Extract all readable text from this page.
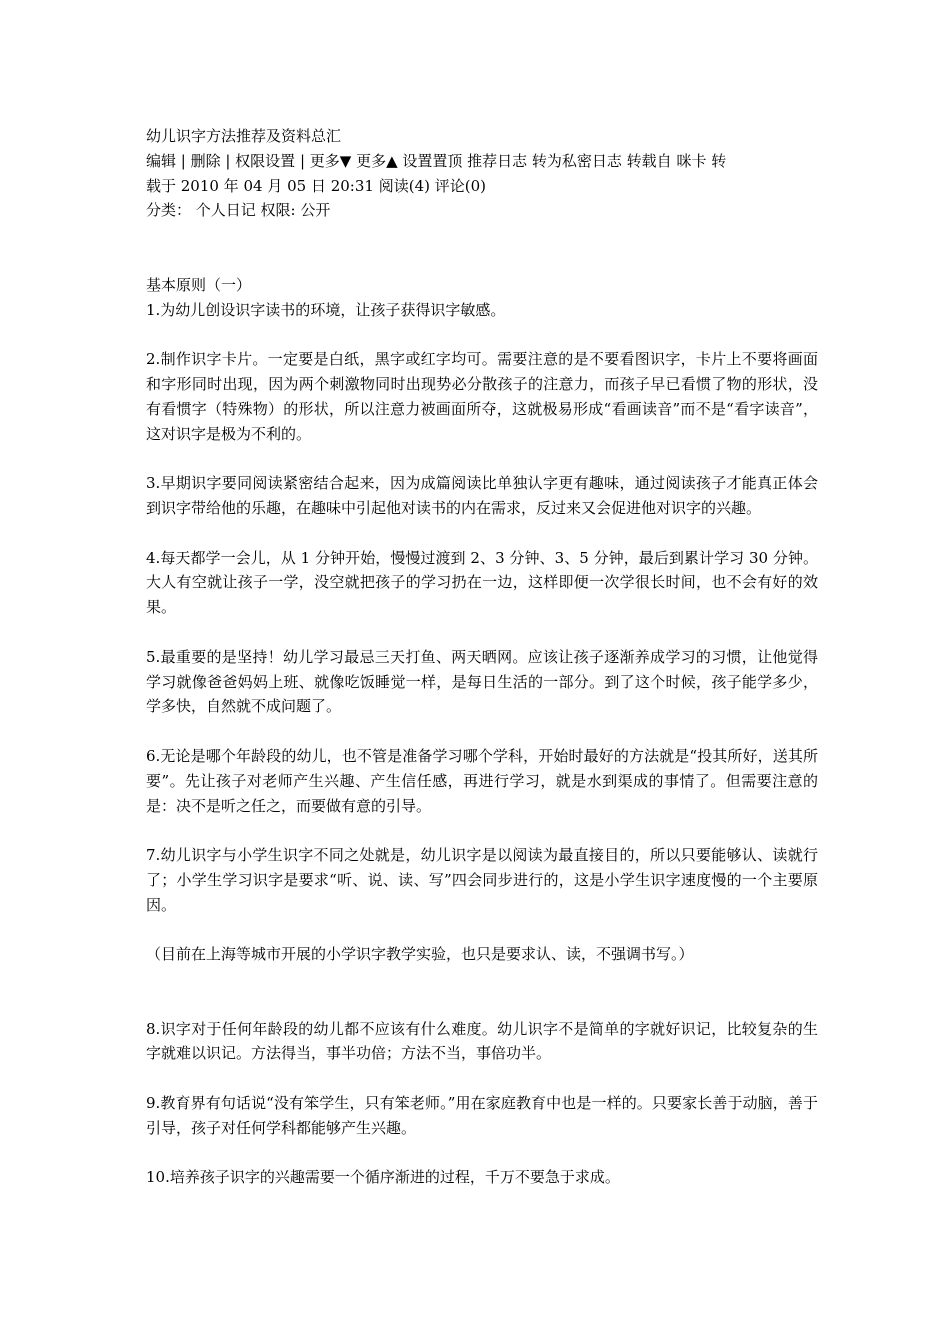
幼儿识字方法推荐及资料总汇
编辑 | 删除 | 权限设置 | 更多▼ 更多▲ 设置置顶 推荐日志 转为私密日志 转载自 咪卡 转
载于 2010 年 04 月 05 日 20:31 阅读(4) 评论(0)
分类： 个人日记 权限: 公开
基本原则（一）
1.为幼儿创设识字读书的环境，让孩子获得识字敏感。
2.制作识字卡片。一定要是白纸，黑字或红字均可。需要注意的是不要看图识字，卡片上不要将画面和字形同时出现，因为两个刺激物同时出现势必分散孩子的注意力，而孩子早已看惯了物的形状，没有看惯字（特殊物）的形状，所以注意力被画面所夺，这就极易形成“看画读音”而不是“看字读音”，这对识字是极为不利的。
3.早期识字要同阅读紧密结合起来，因为成篇阅读比单独认字更有趣味，通过阅读孩子才能真正体会到识字带给他的乐趣，在趣味中引起他对读书的内在需求，反过来又会促进他对识字的兴趣。
4.每天都学一会儿，从 1 分钟开始，慢慢过渡到 2、3 分钟、3、5 分钟，最后到累计学习 30 分钟。大人有空就让孩子一学，没空就把孩子的学习扔在一边，这样即便一次学很长时间，也不会有好的效果。
5.最重要的是坚持！幼儿学习最忌三天打鱼、两天晒网。应该让孩子逐渐养成学习的习惯，让他觉得学习就像爸爸妈妈上班、就像吃饭睡觉一样，是每日生活的一部分。到了这个时候，孩子能学多少，学多快，自然就不成问题了。
6.无论是哪个年龄段的幼儿，也不管是准备学习哪个学科，开始时最好的方法就是“投其所好，送其所要”。先让孩子对老师产生兴趣、产生信任感，再进行学习，就是水到渠成的事情了。但需要注意的是：决不是听之任之，而要做有意的引导。
7.幼儿识字与小学生识字不同之处就是，幼儿识字是以阅读为最直接目的，所以只要能够认、读就行了；小学生学习识字是要求“听、说、读、写”四会同步进行的，这是小学生识字速度慢的一个主要原因。
（目前在上海等城市开展的小学识字教学实验，也只是要求认、读，不强调书写。）
8.识字对于任何年龄段的幼儿都不应该有什么难度。幼儿识字不是简单的字就好识记，比较复杂的生字就难以识记。方法得当，事半功倍；方法不当，事倍功半。
9.教育界有句话说“没有笨学生，只有笨老师。”用在家庭教育中也是一样的。只要家长善于动脑，善于引导，孩子对任何学科都能够产生兴趣。
10.培养孩子识字的兴趣需要一个循序渐进的过程，千万不要急于求成。
